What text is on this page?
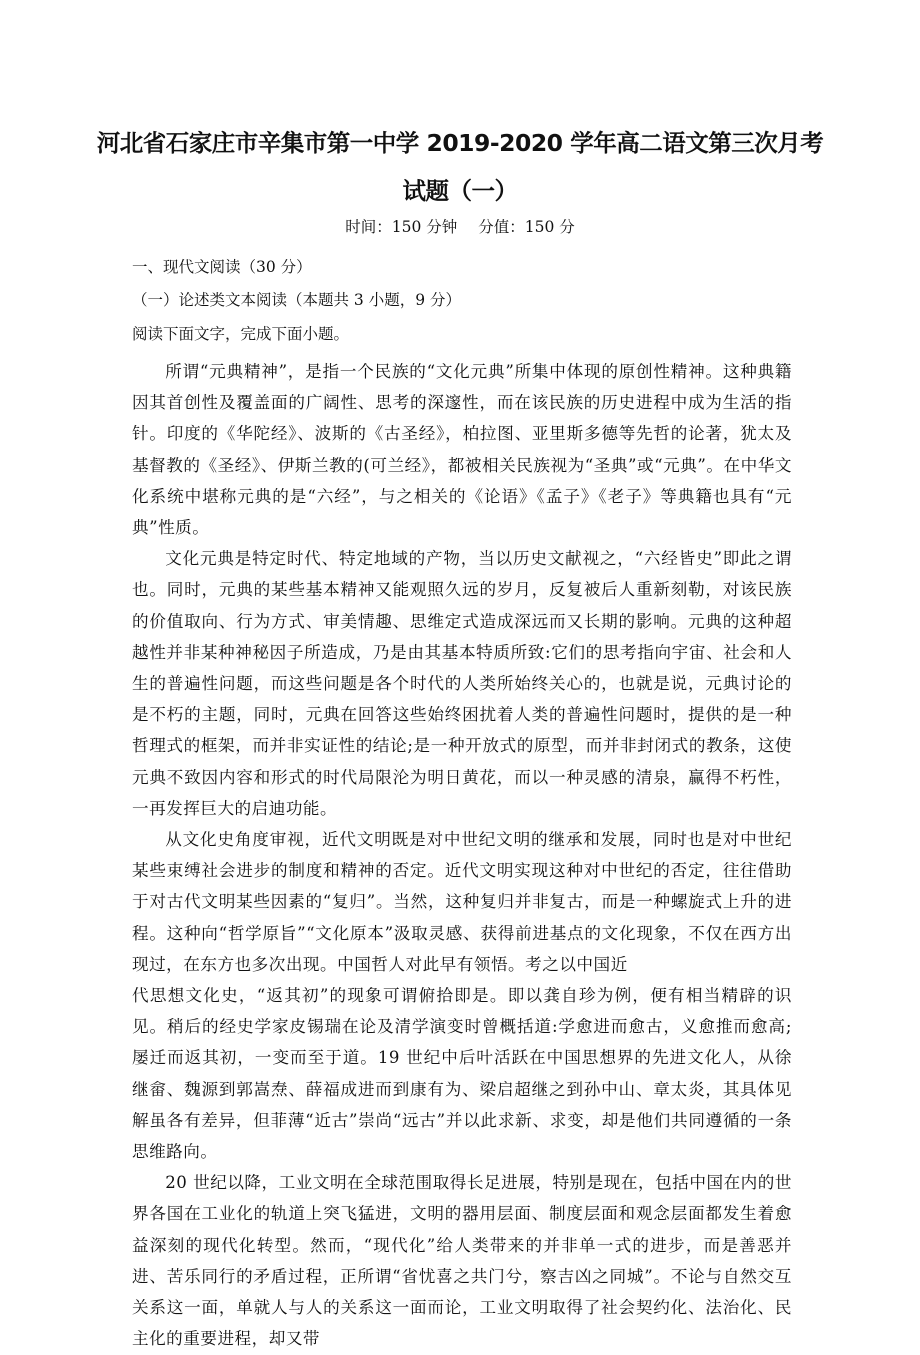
河北省石家庄市辛集市第一中学 2019-2020 学年高二语文第三次月考
试题（一）
时间：150 分钟 分值：150 分
一、现代文阅读（30 分）
（一）论述类文本阅读（本题共 3 小题，9 分）
阅读下面文字，完成下面小题。

所谓“元典精神”，是指一个民族的“文化元典”所集中体现的原创性精神。这种典籍因其首创性及覆盖面的广阔性、思考的深邃性，而在该民族的历史进程中成为生活的指针。印度的《华陀经》、波斯的《古圣经》，柏拉图、亚里斯多德等先哲的论著，犹太及基督教的《圣经》、伊斯兰教的(可兰经》，都被相关民族视为“圣典”或“元典”。在中华文化系统中堪称元典的是“六经”，与之相关的《论语》《孟子》《老子》等典籍也具有“元典”性质。

文化元典是特定时代、特定地域的产物，当以历史文献视之，“六经皆史”即此之谓也。同时，元典的某些基本精神又能观照久远的岁月，反复被后人重新刻勒，对该民族的价值取向、行为方式、审美情趣、思维定式造成深远而又长期的影响。元典的这种超越性并非某种神秘因子所造成，乃是由其基本特质所致:它们的思考指向宇宙、社会和人生的普遍性问题，而这些问题是各个时代的人类所始终关心的，也就是说，元典讨论的是不朽的主题，同时，元典在回答这些始终困扰着人类的普遍性问题时，提供的是一种哲理式的框架，而并非实证性的结论;是一种开放式的原型，而并非封闭式的教条，这使元典不致因内容和形式的时代局限沦为明日黄花，而以一种灵感的清泉，赢得不朽性，一再发挥巨大的启迪功能。

从文化史角度审视，近代文明既是对中世纪文明的继承和发展，同时也是对中世纪某些束缚社会进步的制度和精神的否定。近代文明实现这种对中世纪的否定，往往借助于对古代文明某些因素的“复归”。当然，这种复归并非复古，而是一种螺旋式上升的进程。这种向“哲学原旨”“文化原本”汲取灵感、获得前进基点的文化现象，不仅在西方出现过，在东方也多次出现。中国哲人对此早有领悟。考之以中国近

代思想文化史，“返其初”的现象可谓俯拾即是。即以龚自珍为例，便有相当精辟的识见。稍后的经史学家皮锡瑞在论及清学演变时曾概括道:学愈进而愈古，义愈推而愈高;屡迁而返其初，一变而至于道。19 世纪中后叶活跃在中国思想界的先进文化人，从徐继畲、魏源到郭嵩焘、薛福成进而到康有为、梁启超继之到孙中山、章太炎，其具体见解虽各有差异，但菲薄“近古”崇尚“远古”并以此求新、求变，却是他们共同遵循的一条思维路向。

20 世纪以降，工业文明在全球范围取得长足进展，特别是现在，包括中国在内的世界各国在工业化的轨道上突飞猛进，文明的器用层面、制度层面和观念层面都发生着愈益深刻的现代化转型。然而，“现代化”给人类带来的并非单一式的进步，而是善恶并进、苦乐同行的矛盾过程，正所谓“省忧喜之共门兮，察吉凶之同城”。不论与自然交互关系这一面，单就人与人的关系这一面而论，工业文明取得了社会契约化、法治化、民主化的重要进程，却又带
